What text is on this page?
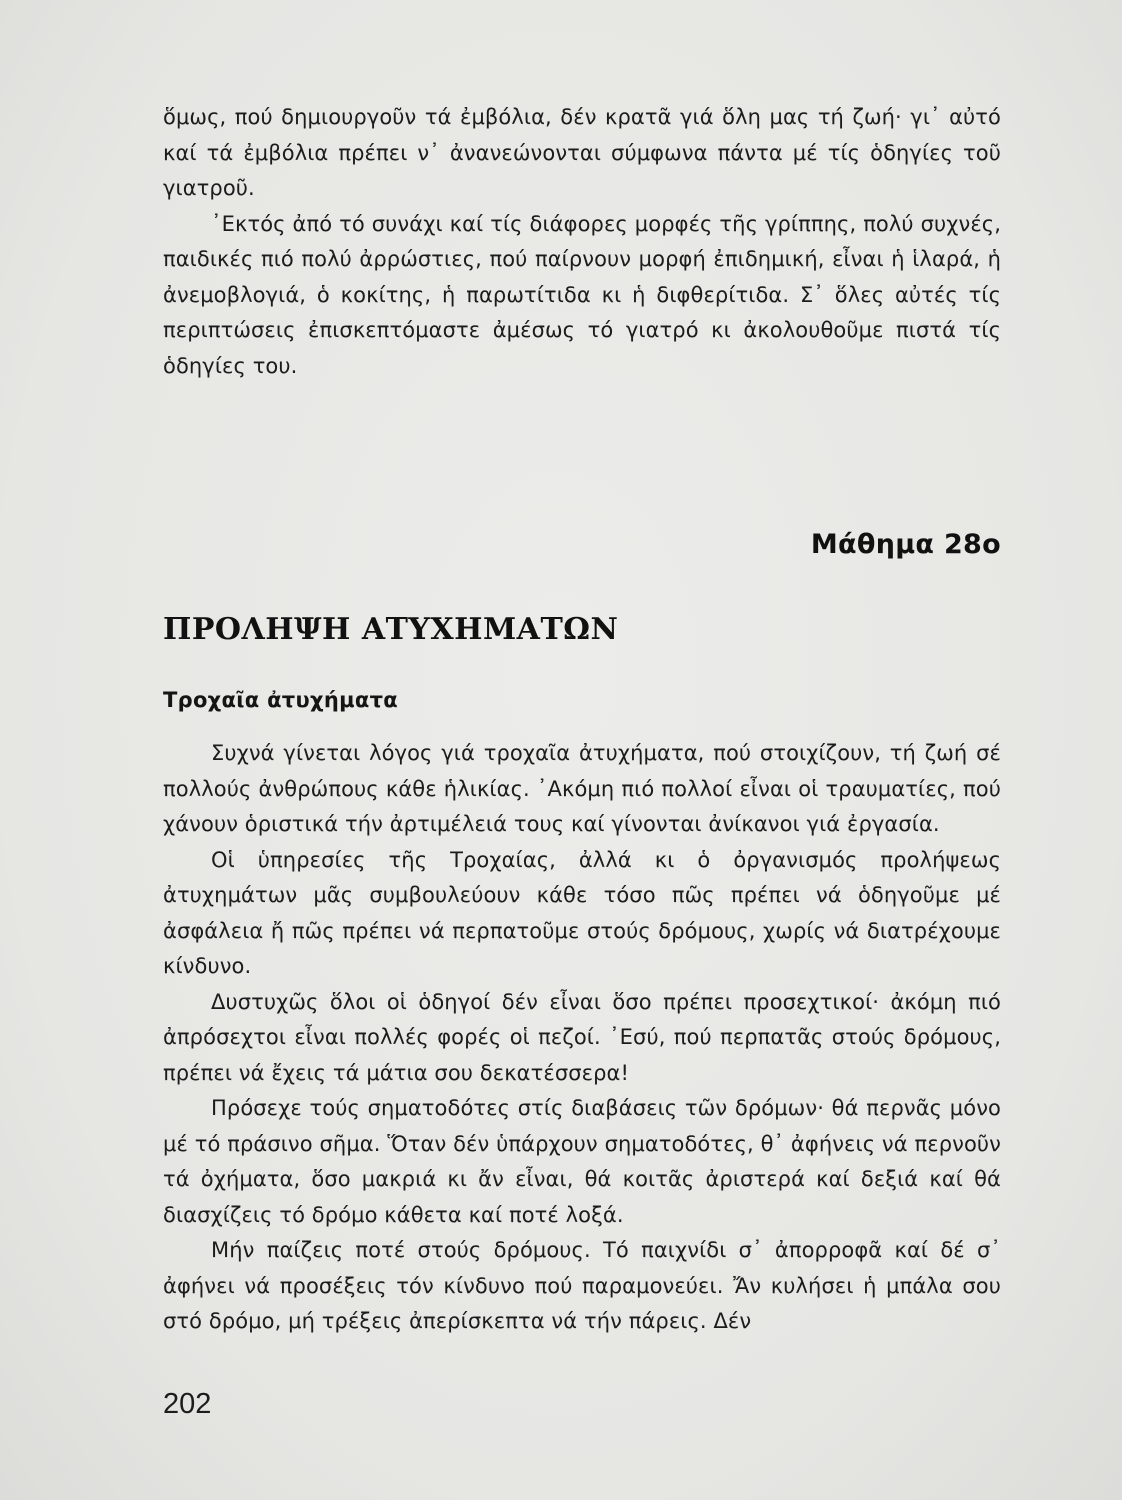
ὅμως, πού δημιουργοῦν τά ἐμβόλια, δέν κρατᾶ γιά ὅλη μας τή ζωή· γι᾽ αὐτό καί τά ἐμβόλια πρέπει ν᾽ ἀνανεώνονται σύμφωνα πάντα μέ τίς ὁδηγίες τοῦ γιατροῦ.

᾿Εκτός ἀπό τό συνάχι καί τίς διάφορες μορφές τῆς γρίππης, πολύ συχνές, παιδικές πιό πολύ ἀρρώστιες, πού παίρνουν μορφή ἐπιδημική, εἶναι ἡ ἱλαρά, ἡ ἀνεμοβλογιά, ὁ κοκίτης, ἡ παρωτίτιδα κι ἡ διφθερίτιδα. Σ᾽ ὅλες αὐτές τίς περιπτώσεις ἐπισκεπτόμαστε ἀμέσως τό γιατρό κι ἀκολουθοῦμε πιστά τίς ὁδηγίες του.

Μάθημα 28ο
ΠΡΟΛΗΨΗ ΑΤΥΧΗΜΑΤΩΝ
Τροχαῖα ἀτυχήματα

Συχνά γίνεται λόγος γιά τροχαῖα ἀτυχήματα, πού στοιχίζουν, τή ζωή σέ πολλούς ἀνθρώπους κάθε ἡλικίας. ᾿Ακόμη πιό πολλοί εἶναι οἱ τραυματίες, πού χάνουν ὁριστικά τήν ἀρτιμέλειά τους καί γίνονται ἀνίκανοι γιά ἐργασία.

Οἱ ὑπηρεσίες τῆς Τροχαίας, ἀλλά κι ὁ ὀργανισμός προλήψεως ἀτυχημάτων μᾶς συμβουλεύουν κάθε τόσο πῶς πρέπει νά ὁδηγοῦμε μέ ἀσφάλεια ἤ πῶς πρέπει νά περπατοῦμε στούς δρόμους, χωρίς νά διατρέχουμε κίνδυνο.

Δυστυχῶς ὅλοι οἱ ὁδηγοί δέν εἶναι ὅσο πρέπει προσεχτικοί· ἀκόμη πιό ἀπρόσεχτοι εἶναι πολλές φορές οἱ πεζοί. ᾿Εσύ, πού περπατᾶς στούς δρόμους, πρέπει νά ἔχεις τά μάτια σου δεκατέσσερα!

Πρόσεχε τούς σηματοδότες στίς διαβάσεις τῶν δρόμων· θά περνᾶς μόνο μέ τό πράσινο σῆμα. Ὅταν δέν ὑπάρχουν σηματοδότες, θ᾽ ἀφήνεις νά περνοῦν τά ὀχήματα, ὅσο μακριά κι ἄν εἶναι, θά κοιτᾶς ἀριστερά καί δεξιά καί θά διασχίζεις τό δρόμο κάθετα καί ποτέ λοξά.

Μήν παίζεις ποτέ στούς δρόμους. Τό παιχνίδι σ᾽ ἀπορροφᾶ καί δέ σ᾽ ἀφήνει νά προσέξεις τόν κίνδυνο πού παραμονεύει. Ἄν κυλήσει ἡ μπάλα σου στό δρόμο, μή τρέξεις ἀπερίσκεπτα νά τήν πάρεις. Δέν

202
